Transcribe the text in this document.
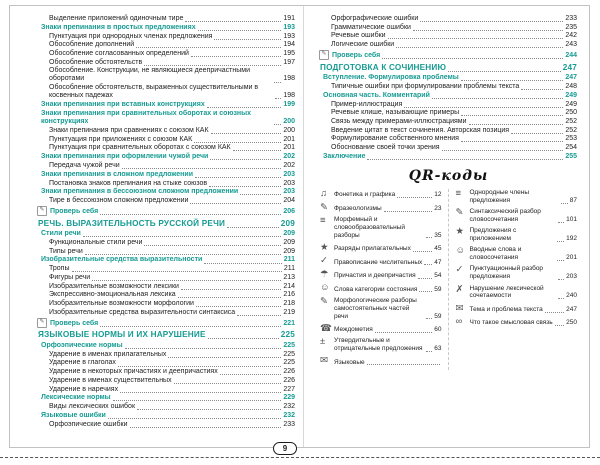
Выделение приложений одиночным тире	191
Знаки препинания в простых предложениях	193
Пунктуация при однородных членах предложения	193
Обособление дополнений	194
Обособление согласованных определений	195
Обособление обстоятельств	197
Обособление. Конструкции, не являющиеся деепричастными оборотами	198
Обособление обстоятельств, выраженных существительными в косвенных падежах	198
Знаки препинания при вставных конструкциях	199
Знаки препинания при сравнительных оборотах и союзных конструкциях	200
Знаки препинания при сравнениях с союзом КАК	200
Пунктуация при приложениях с союзом КАК	201
Пунктуация при сравнительных оборотах с союзом КАК	201
Знаки препинания при оформлении чужой речи	202
Передача чужой речи	202
Знаки препинания в сложном предложении	203
Постановка знаков препинания на стыке союзов	203
Знаки препинания в бессоюзном сложном предложении	203
Тире в бессоюзном сложном предложении	204
✎ Проверь себя	206
РЕЧЬ. ВЫРАЗИТЕЛЬНОСТЬ РУССКОЙ РЕЧИ	209
Стили речи	209
Функциональные стили речи	209
Типы речи	209
Изобразительные средства выразительности	211
Тропы	211
Фигуры речи	213
Изобразительные возможности лексики	214
Экспрессивно-эмоциональная лексика	216
Изобразительные возможности морфологии	218
Изобразительные средства выразительности синтаксиса	219
✎ Проверь себя	221
ЯЗЫКОВЫЕ НОРМЫ И ИХ НАРУШЕНИЕ	225
Орфоэпические нормы	225
Ударение в именах прилагательных	225
Ударение в глаголах	225
Ударение в некоторых причастиях и деепричастиях	226
Ударение в именах существительных	226
Ударение в наречиях	227
Лексические нормы	229
Виды лексических ошибок	232
Языковые ошибки	232
Орфоэпические ошибки	233
Орфографические ошибки	233
Грамматические ошибки	235
Речевые ошибки	242
Логические ошибки	243
✎ Проверь себя	244
ПОДГОТОВКА К СОЧИНЕНИЮ	247
Вступление. Формулировка проблемы	247
Типичные ошибки при формулировании проблемы текста	248
Основная часть. Комментарий	249
Пример-иллюстрация	249
Речевые клише, называющие примеры	250
Связь между примерами-иллюстрациями	252
Введение цитат в текст сочинения. Авторская позиция	252
Формулирование собственного мнения	253
Обоснование своей точки зрения	254
Заключение	255
QR-коды
♫	Фонетика и графика	12
✎ Фразеологизмы	23
≡	Морфемный и словообразовательный разборы	35
★ Разряды прилагательных	45
✓ Правописание числительных 47
☂ Причастия и деепричастия	54
☺ Слова категории состояния	59
✎ Морфологические разборы самостоятельных частей речи	59
☎ Междометия	60
±	Утвердительные и отрицательные предложения 63
✉ Языковые
≡	Однородные члены предложения	87
✎ Синтаксический разбор словосочетания	101
★ Предложения с приложением	192
☺ Вводные слова и словосочетания	201
✓ Пунктуационный разбор предложения	203
✗ Нарушение лексической сочетаемости	240
✉ Тема и проблема текста	247
∞	Что такое смысловая связь 250
9
